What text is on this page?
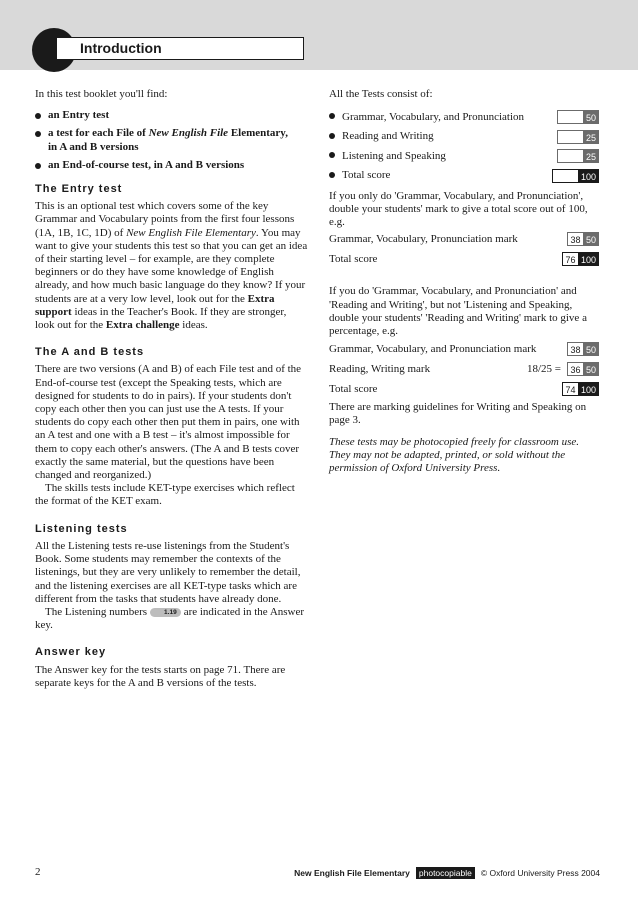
Introduction

In this test booklet you'll find:

an Entry test
a test for each File of New English File Elementary,
in A and B versions
an End-of-course test, in A and B versions
The Entry test

This is an optional test which covers some of the key Grammar and Vocabulary points from the first four lessons (1A, 1B, 1C, 1D) of New English File Elementary. You may want to give your students this test so that you can get an idea of their starting level – for example, are they complete beginners or do they have some knowledge of English already, and how much basic language do they know? If your students are at a very low level, look out for the Extra support ideas in the Teacher's Book. If they are stronger, look out for the Extra challenge ideas.

The A and B tests

There are two versions (A and B) of each File test and of the End-of-course test (except the Speaking tests, which are designed for students to do in pairs). If your students don't copy each other then you can just use the A tests. If your students do copy each other then put them in pairs, one with an A test and one with a B test – it's almost impossible for them to copy each other's answers. (The A and B tests cover exactly the same material, but the questions have been changed and reorganized.)

The skills tests include KET-type exercises which reflect the format of the KET exam.

Listening tests

All the Listening tests re-use listenings from the Student's Book. Some students may remember the contexts of the listenings, but they are very unlikely to remember the detail, and the listening exercises are all KET-type tasks which are different from the tasks that students have already done.

The Listening numbers	1.19 are indicated in the Answer key.

Answer key

The Answer key for the tests starts on page 71. There are separate keys for the A and B versions of the tests.

All the Tests consist of:

Grammar, Vocabulary, and Pronunciation	50
Reading and Writing	25
Listening and Speaking	25
Total score	100

If you only do 'Grammar, Vocabulary, and Pronunciation', double your students' mark to give a total score out of 100, e.g.

Grammar, Vocabulary, Pronunciation mark	38 50
Total score	76 100

If you do 'Grammar, Vocabulary, and Pronunciation' and 'Reading and Writing', but not 'Listening and Speaking, double your students' 'Reading and Writing' mark to give a percentage, e.g.

Grammar, Vocabulary, and Pronunciation mark	38 50
Reading, Writing mark	18/25 =	36 50
Total score	74 100

There are marking guidelines for Writing and Speaking on page 3.

These tests may be photocopied freely for classroom use. They may not be adapted, printed, or sold without the permission of Oxford University Press.

2	New English File Elementary	photocopiable	© Oxford University Press 2004
